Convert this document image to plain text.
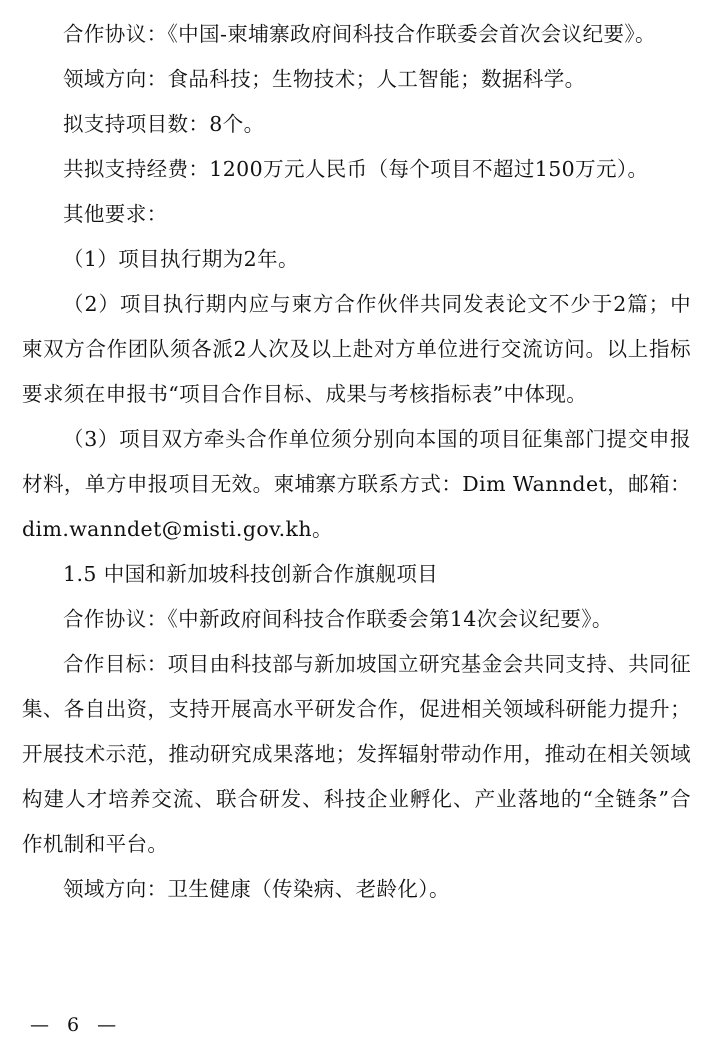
合作协议：《中国-柬埔寨政府间科技合作联委会首次会议纪要》。

领域方向：食品科技；生物技术；人工智能；数据科学。

拟支持项目数：8个。

共拟支持经费：1200万元人民币（每个项目不超过150万元）。

其他要求：

（1）项目执行期为2年。

（2）项目执行期内应与柬方合作伙伴共同发表论文不少于2篇；中柬双方合作团队须各派2人次及以上赴对方单位进行交流访问。以上指标要求须在申报书“项目合作目标、成果与考核指标表”中体现。

（3）项目双方牵头合作单位须分别向本国的项目征集部门提交申报材料，单方申报项目无效。柬埔寨方联系方式：Dim Wanndet，邮箱：dim.wanndet@misti.gov.kh。

1.5 中国和新加坡科技创新合作旗舰项目

合作协议：《中新政府间科技合作联委会第14次会议纪要》。

合作目标：项目由科技部与新加坡国立研究基金会共同支持、共同征集、各自出资，支持开展高水平研发合作，促进相关领域科研能力提升；开展技术示范，推动研究成果落地；发挥辐射带动作用，推动在相关领域构建人才培养交流、联合研发、科技企业孵化、产业落地的“全链条”合作机制和平台。

领域方向：卫生健康（传染病、老龄化）。

— 6 —
